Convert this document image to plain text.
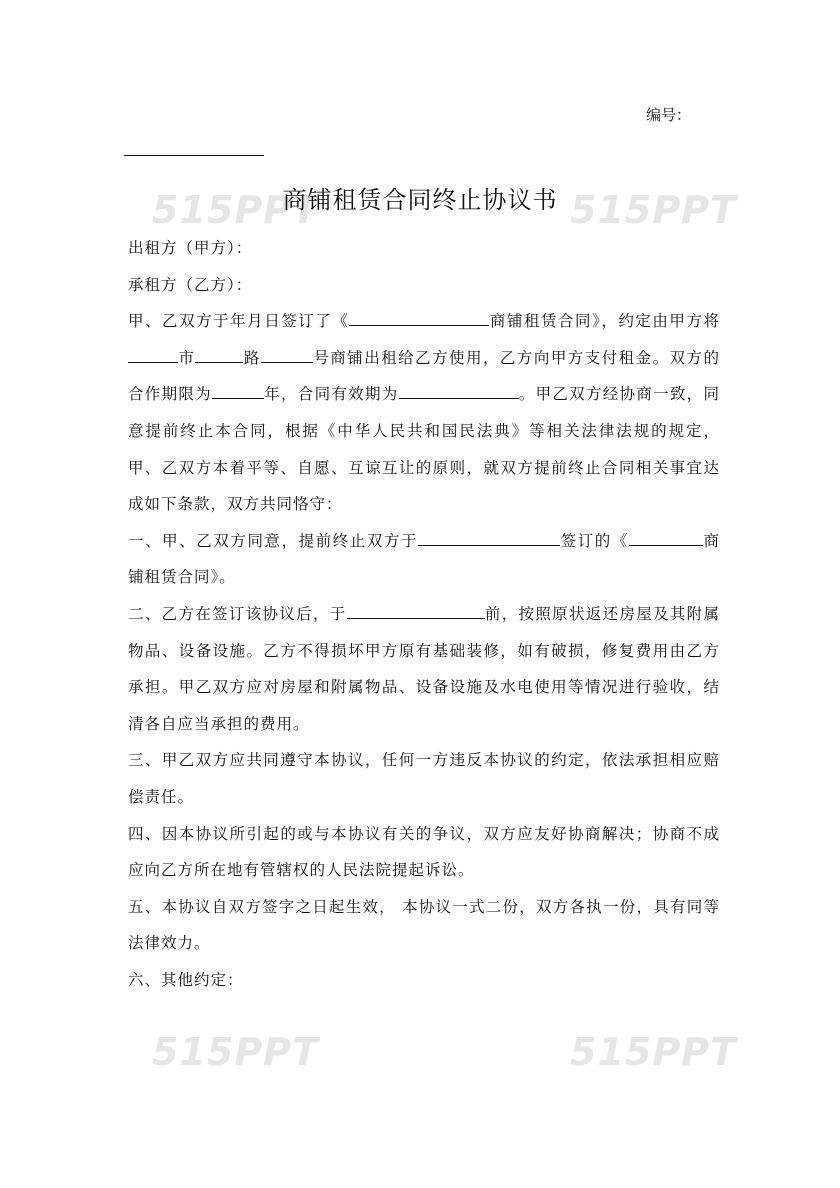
515PPT	515PPT
515PPT	515PPT
编号：
商铺租赁合同终止协议书

出租方（甲方）：

承租方（乙方）：

甲、乙双方于年月日签订了《	商铺租赁合同》，约定由甲方将市	路	号商铺出租给乙方使用，乙方向甲方支付租金。双方的合作期限为	年，合同有效期为	。甲乙双方经协商一致，同意提前终止本合同，根据《中华人民共和国民法典》等相关法律法规的规定，甲、乙双方本着平等、自愿、互谅互让的原则，就双方提前终止合同相关事宜达成如下条款，双方共同恪守：

一、甲、乙双方同意，提前终止双方于	签订的《	商铺租赁合同》。

二、乙方在签订该协议后，于	前，按照原状返还房屋及其附属物品、设备设施。乙方不得损坏甲方原有基础装修，如有破损，修复费用由乙方承担。甲乙双方应对房屋和附属物品、设备设施及水电使用等情况进行验收，结清各自应当承担的费用。

三、甲乙双方应共同遵守本协议，任何一方违反本协议的约定，依法承担相应赔偿责任。

四、因本协议所引起的或与本协议有关的争议，双方应友好协商解决；协商不成应向乙方所在地有管辖权的人民法院提起诉讼。

五、本协议自双方签字之日起生效， 本协议一式二份，双方各执一份，具有同等法律效力。

六、其他约定：
